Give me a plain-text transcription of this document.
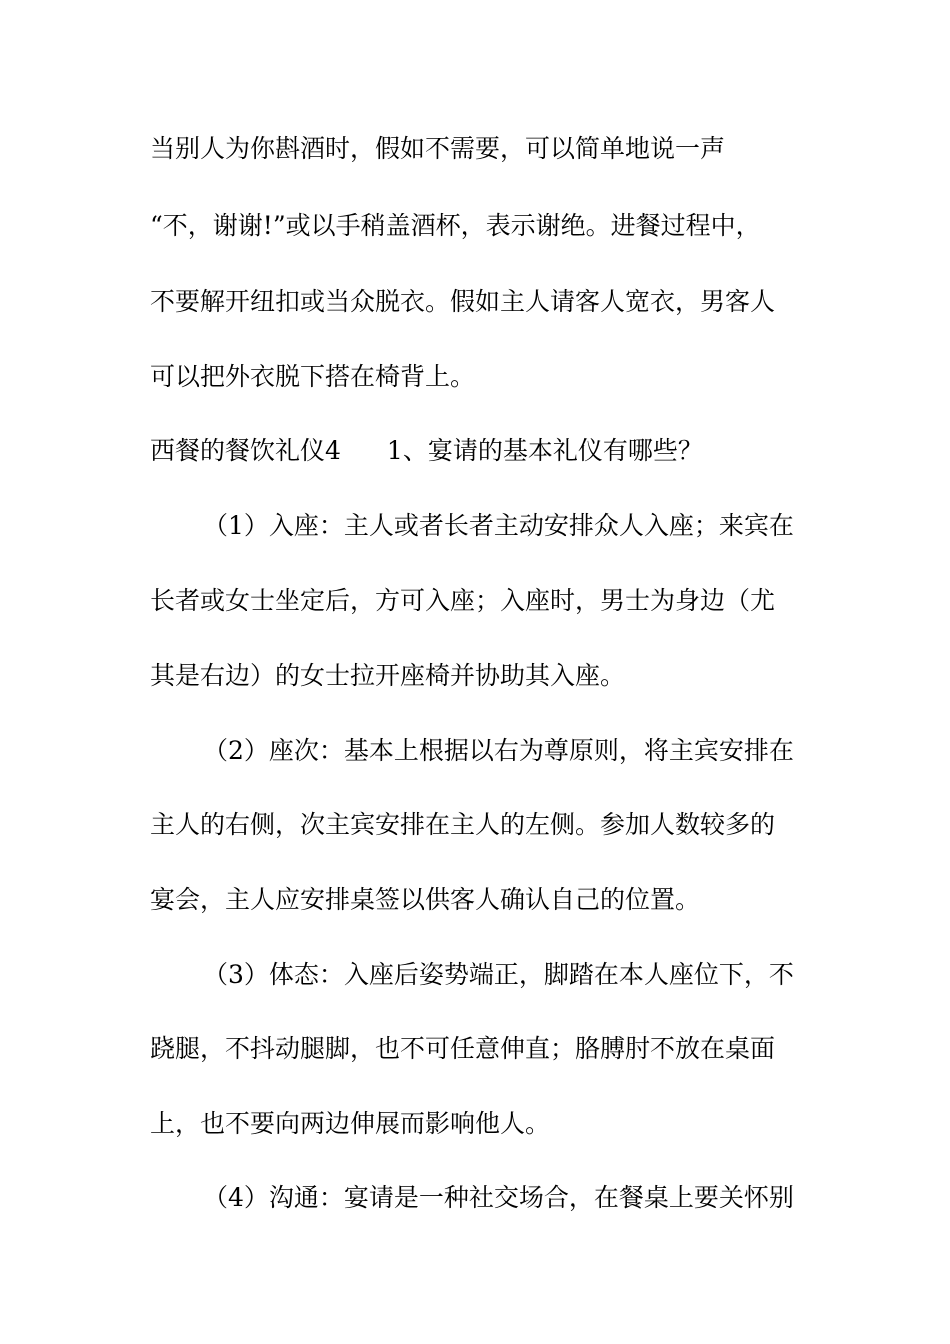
当别人为你斟酒时，假如不需要，可以简单地说一声

“不，谢谢!”或以手稍盖酒杯，表示谢绝。进餐过程中，

不要解开纽扣或当众脱衣。假如主人请客人宽衣，男客人

可以把外衣脱下搭在椅背上。

西餐的餐饮礼仪4 1、宴请的基本礼仪有哪些？

（1）入座：主人或者长者主动安排众人入座；来宾在

长者或女士坐定后，方可入座；入座时，男士为身边（尤

其是右边）的女士拉开座椅并协助其入座。

（2）座次：基本上根据以右为尊原则，将主宾安排在

主人的右侧，次主宾安排在主人的左侧。参加人数较多的

宴会，主人应安排桌签以供客人确认自己的位置。

（3）体态：入座后姿势端正，脚踏在本人座位下，不

跷腿，不抖动腿脚，也不可任意伸直；胳膊肘不放在桌面

上，也不要向两边伸展而影响他人。

（4）沟通：宴请是一种社交场合，在餐桌上要关怀别
